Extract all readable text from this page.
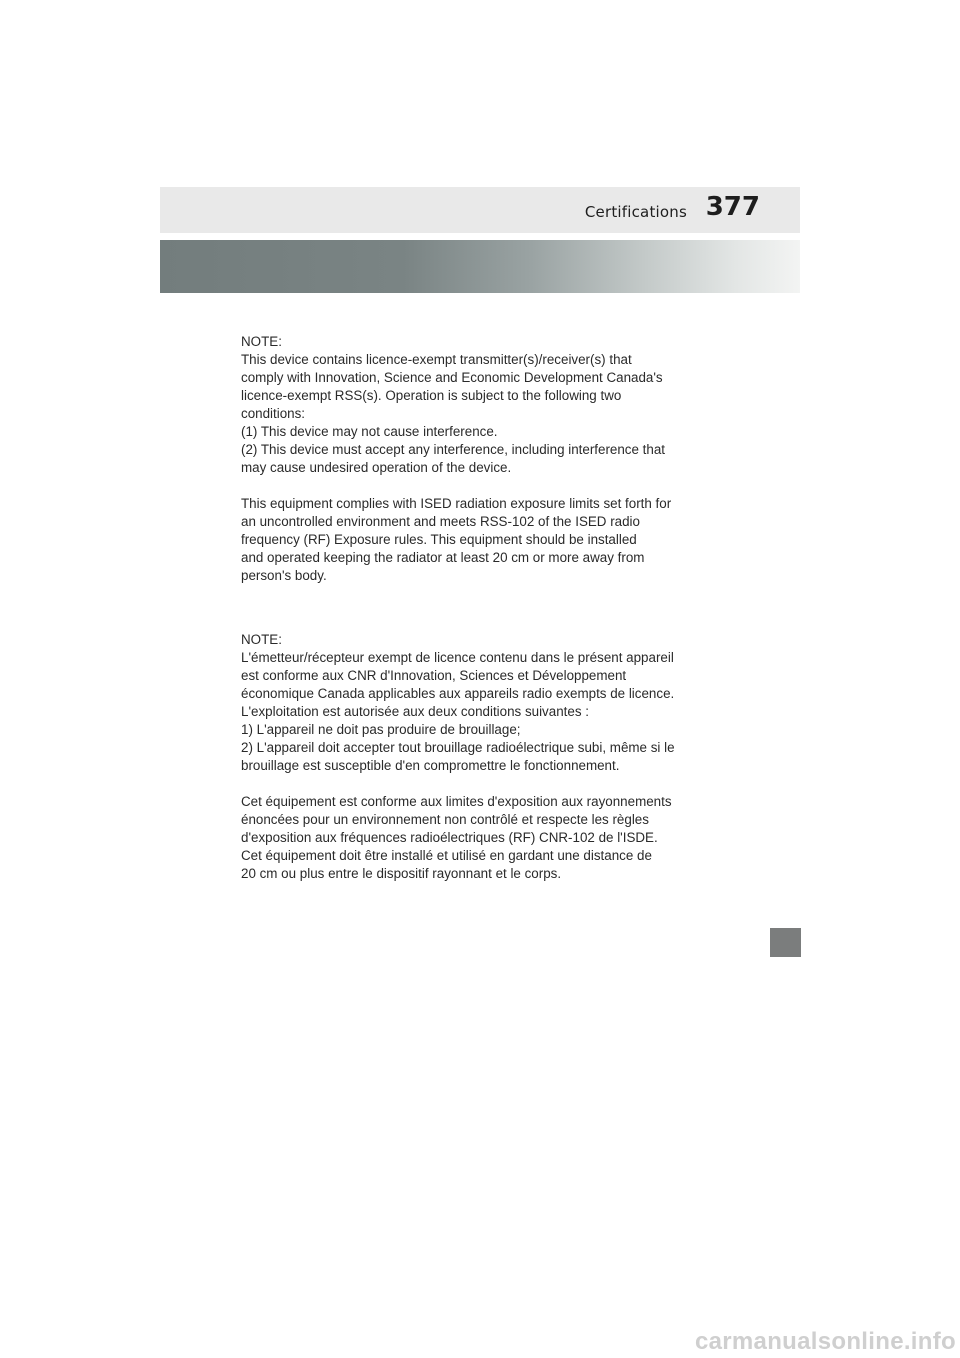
Certifications 377

NOTE:

This device contains licence-exempt transmitter(s)/receiver(s) that
comply with Innovation, Science and Economic Development Canada's
licence-exempt RSS(s). Operation is subject to the following two
conditions:
(1) This device may not cause interference.
(2) This device must accept any interference, including interference that
may cause undesired operation of the device.

This equipment complies with ISED radiation exposure limits set forth for
an uncontrolled environment and meets RSS-102 of the ISED radio
frequency (RF) Exposure rules. This equipment should be installed
and operated keeping the radiator at least 20 cm or more away from
person's body.

NOTE:

L'émetteur/récepteur exempt de licence contenu dans le présent appareil
est conforme aux CNR d'Innovation, Sciences et Développement
économique Canada applicables aux appareils radio exempts de licence.
L'exploitation est autorisée aux deux conditions suivantes :
1) L'appareil ne doit pas produire de brouillage;
2) L'appareil doit accepter tout brouillage radioélectrique subi, même si le
brouillage est susceptible d'en compromettre le fonctionnement.

Cet équipement est conforme aux limites d'exposition aux rayonnements
énoncées pour un environnement non contrôlé et respecte les règles
d'exposition aux fréquences radioélectriques (RF) CNR-102 de l'ISDE.
Cet équipement doit être installé et utilisé en gardant une distance de
20 cm ou plus entre le dispositif rayonnant et le corps.

carmanualsonline.info
